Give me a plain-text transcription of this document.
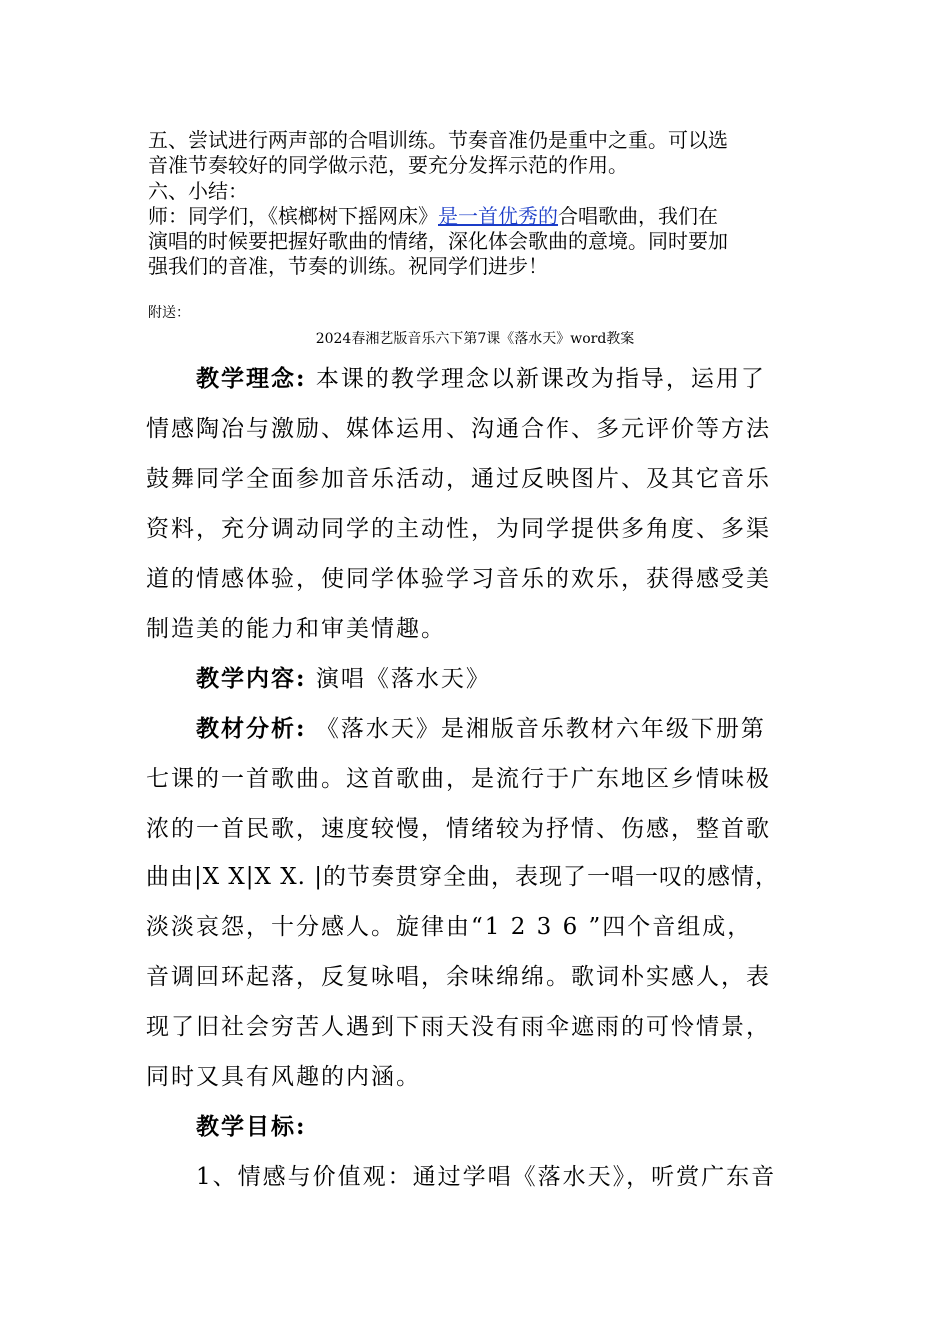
五、尝试进行两声部的合唱训练。节奏音准仍是重中之重。可以选
音准节奏较好的同学做示范，要充分发挥示范的作用。
六、小结：
师：同学们，《槟榔树下摇网床》是一首优秀的合唱歌曲，我们在
演唱的时候要把握好歌曲的情绪，深化体会歌曲的意境。同时要加
强我们的音准，节奏的训练。祝同学们进步！
附送：
2024春湘艺版音乐六下第7课《落水天》word教案
教学理念: 本课的教学理念以新课改为指导，运用了
情感陶冶与激励、媒体运用、沟通合作、多元评价等方法
鼓舞同学全面参加音乐活动，通过反映图片、及其它音乐
资料，充分调动同学的主动性，为同学提供多角度、多渠
道的情感体验，使同学体验学习音乐的欢乐，获得感受美
制造美的能力和审美情趣。
教学内容: 演唱《落水天》
教材分析: 《落水天》是湘版音乐教材六年级下册第
七课的一首歌曲。这首歌曲，是流行于广东地区乡情味极
浓的一首民歌，速度较慢，情绪较为抒情、伤感，整首歌
曲由|X X|X X. |的节奏贯穿全曲，表现了一唱一叹的感情，
淡淡哀怨，十分感人。旋律由“1 2 3 6 ”四个音组成，
音调回环起落，反复咏唱，余味绵绵。歌词朴实感人，表
现了旧社会穷苦人遇到下雨天没有雨伞遮雨的可怜情景，
同时又具有风趣的内涵。
教学目标:
1、情感与价值观：通过学唱《落水天》，听赏广东音
